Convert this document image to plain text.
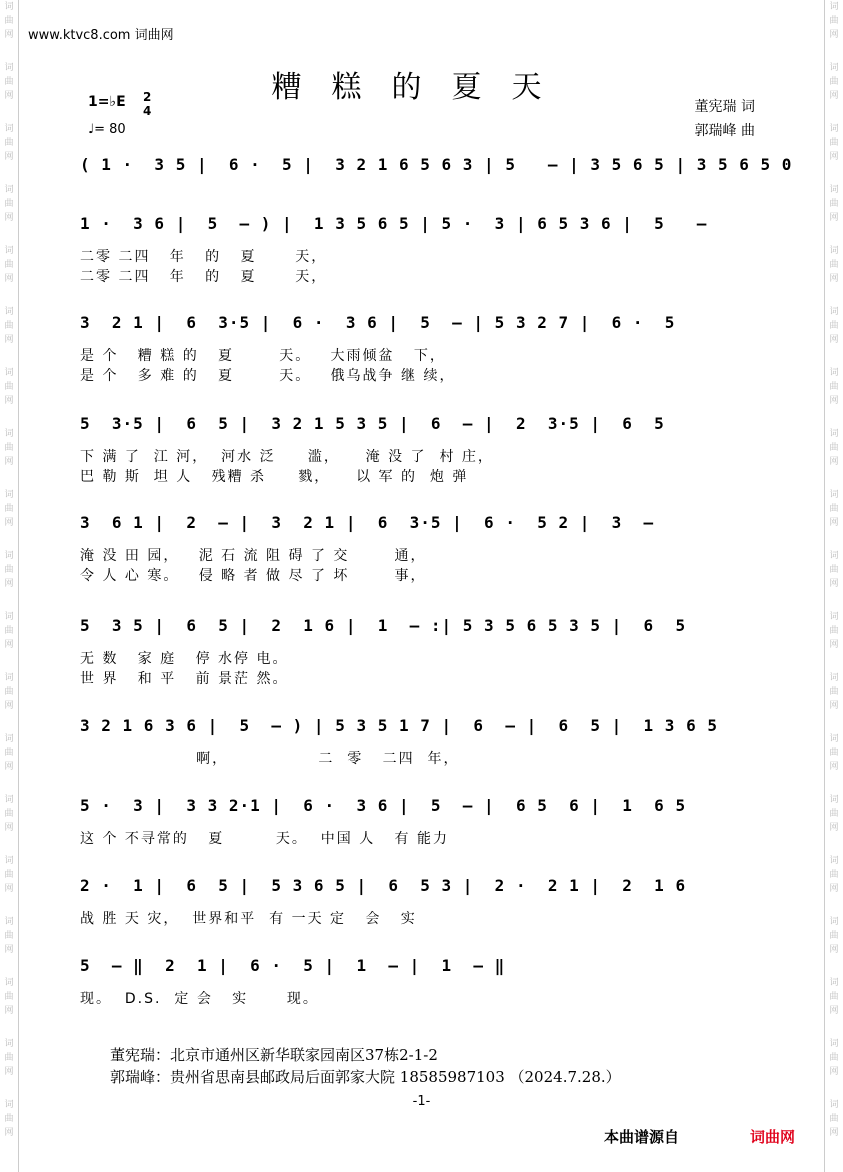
词
曲
网
词
曲
网
词
曲
网
词
曲
网
词
曲
网
词
曲
网
词
曲
网
词
曲
网
词
曲
网
词
曲
网
词
曲
网
词
曲
网
词
曲
网
词
曲
网
词
曲
网
词
曲
网
词
曲
网
词
曲
网
词
曲
网
词
曲
网
词
曲
网
词
曲
网
词
曲
网
词
曲
网
词
曲
网
词
曲
网
词
曲
网
词
曲
网
词
曲
网
词
曲
网
词
曲
网
词
曲
网
词
曲
网
词
曲
网
词
曲
网
词
曲
网
词
曲
网
词
曲
网
www.ktvc8.com 词曲网
糟糕的夏天
1=♭E 2
4
♩= 80
董宪瑞 词
郭瑞峰 曲
( 1 ·  3 5 |  6 ·  5 |  3 2 1 6 5 6 3 | 5   – | 3 5 6 5 | 3 5 6 5 0
1 ·  3 6 |  5  – ) |  1 3 5 6 5 | 5 ·  3 | 6 5 3 6 |  5   –
二零 二四   年   的   夏      天，
二零 二四   年   的   夏      天，
3  2 1 |  6  3·5 |  6 ·  3 6 |  5  – | 5 3 2 7 |  6 ·  5
是 个   糟 糕 的   夏       天。   大雨倾盆   下，
是 个   多 难 的   夏       天。   俄乌战争 继 续，
5  3·5 |  6  5 |  3 2 1 5 3 5 |  6  – |  2  3·5 |  6  5
下 满 了  江 河，  河水 泛     滥，    淹 没 了  村 庄，
巴 勒 斯  坦 人   残糟 杀     戮，    以 军 的  炮 弹
3  6 1 |  2  – |  3  2 1 |  6  3·5 |  6 ·  5 2 |  3  –
淹 没 田 园，   泥 石 流 阻 碍 了 交       通，
令 人 心 寒。   侵 略 者 做 尽 了 坏       事，
5  3 5 |  6  5 |  2  1 6 |  1  – :| 5 3 5 6 5 3 5 |  6  5
无 数   家 庭   停 水停 电。
世 界   和 平   前 景茫 然。
3 2 1 6 3 6 |  5  – ) | 5 3 5 1 7 |  6  – |  6  5 |  1 3 6 5
啊，              二  零   二四  年，
5 ·  3 |  3 3 2·1 |  6 ·  3 6 |  5  – |  6 5  6 |  1  6 5
这 个 不寻常的   夏        天。  中国 人   有 能力
2 ·  1 |  6  5 |  5 3 6 5 |  6  5 3 |  2 ·  2 1 |  2  1 6
战 胜 天 灾，  世界和平  有 一天 定   会   实
5  – ‖  2  1 |  6 ·  5 |  1  – |  1  – ‖
现。  D.S.  定 会   实      现。
董宪瑞：北京市通州区新华联家园南区37栋2-1-2
郭瑞峰：贵州省思南县邮政局后面郭家大院 18585987103 （2024.7.28.）
-1-
本曲谱源自	词曲网
